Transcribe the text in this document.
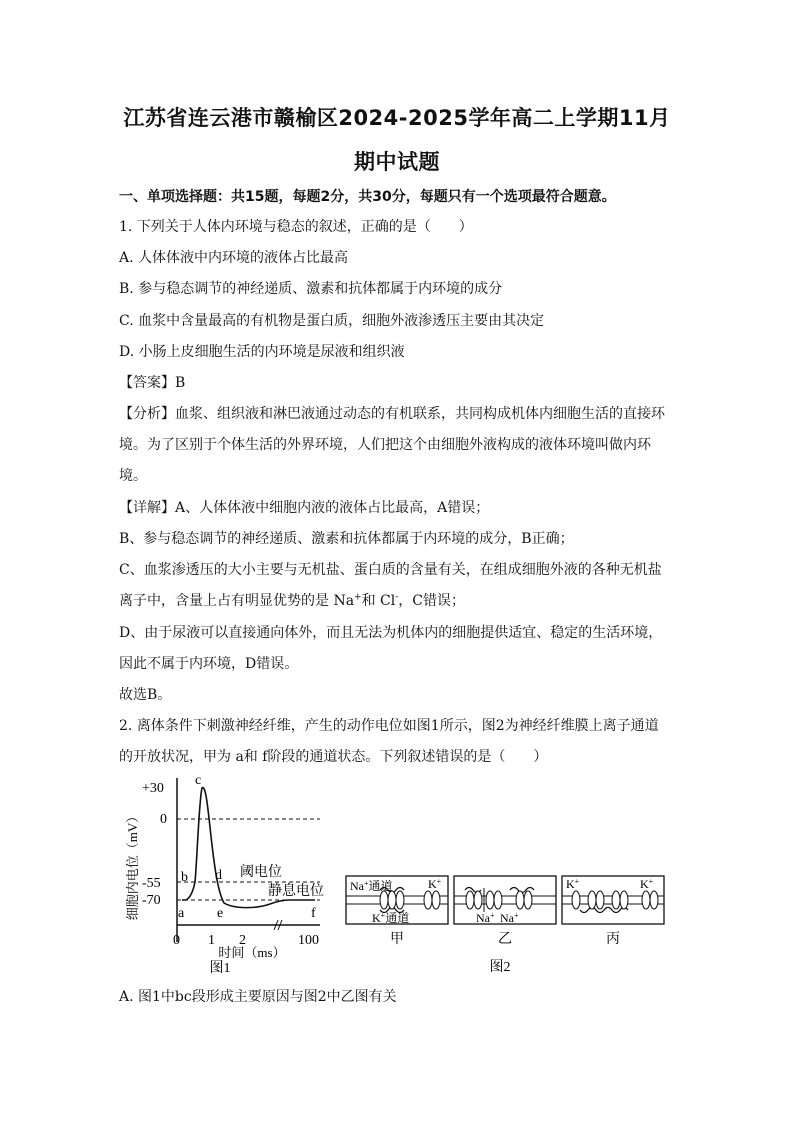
江苏省连云港市赣榆区2024-2025学年高二上学期11月
期中试题
一、单项选择题：共15题，每题2分，共30分，每题只有一个选项最符合题意。
1. 下列关于人体内环境与稳态的叙述，正确的是（　　）
A. 人体体液中内环境的液体占比最高
B. 参与稳态调节的神经递质、激素和抗体都属于内环境的成分
C. 血浆中含量最高的有机物是蛋白质，细胞外液渗透压主要由其决定
D. 小肠上皮细胞生活的内环境是尿液和组织液
【答案】B
【分析】血浆、组织液和淋巴液通过动态的有机联系，共同构成机体内细胞生活的直接环
境。为了区别于个体生活的外界环境，人们把这个由细胞外液构成的液体环境叫做内环
境。
【详解】A、人体体液中细胞内液的液体占比最高，A错误；
B、参与稳态调节的神经递质、激素和抗体都属于内环境的成分，B正确；
C、血浆渗透压的大小主要与无机盐、蛋白质的含量有关，在组成细胞外液的各种无机盐
离子中，含量上占有明显优势的是 Na+和 Cl-，C错误；
D、由于尿液可以直接通向体外，而且无法为机体内的细胞提供适宜、稳定的生活环境，
因此不属于内环境，D错误。
故选B。
2. 离体条件下刺激神经纤维，产生的动作电位如图1所示，图2为神经纤维膜上离子通道
的开放状况，甲为 a和 f阶段的通道状态。下列叙述错误的是（　　）
+30
0
-55
-70
细胞内电位（mV）	a
b
c
d
e	f
阈电位
静息电位
0 1 2	100
时间（ms）
图1
Na+通道	K+
K+通道
甲
Na+ Na+
乙
K+	K+
丙
图2
A. 图1中bc段形成主要原因与图2中乙图有关
